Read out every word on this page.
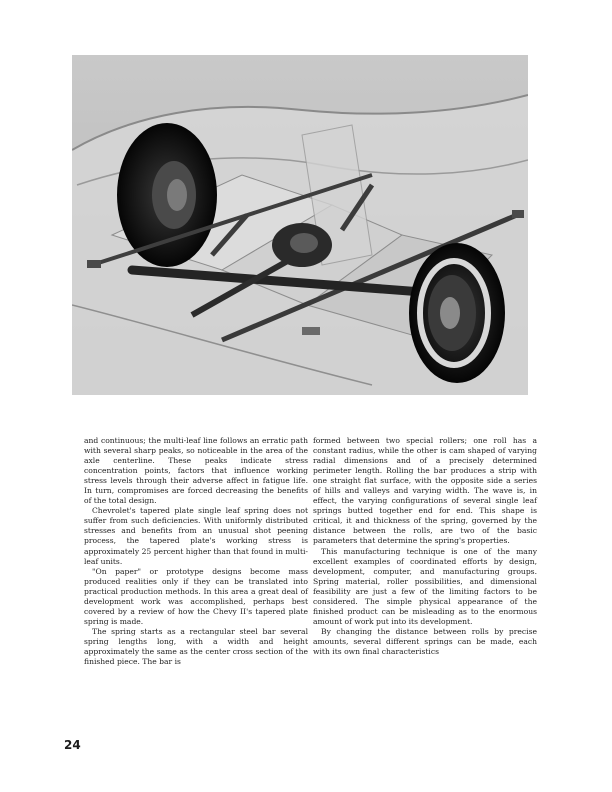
and continuous; the multi-leaf line follows an erratic path with several sharp peaks, so noticeable in the area of the axle centerline. These peaks indicate stress concentration points, factors that influence working stress levels through their adverse affect in fatigue life. In turn, compromises are forced decreasing the benefits of the total design.

Chevrolet's tapered plate single leaf spring does not suffer from such deficiencies. With uniformly distributed stresses and benefits from an unusual shot peening process, the tapered plate's working stress is approximately 25 percent higher than that found in multi-leaf units.

"On paper" or prototype designs become mass produced realities only if they can be translated into practical production methods. In this area a great deal of development work was accomplished, perhaps best covered by a review of how the Chevy II's tapered plate spring is made.

The spring starts as a rectangular steel bar several spring lengths long, with a width and height approximately the same as the center cross section of the finished piece. The bar is

formed between two special rollers; one roll has a constant radius, while the other is cam shaped of varying radial dimensions and of a precisely determined perimeter length. Rolling the bar produces a strip with one straight flat surface, with the opposite side a series of hills and valleys and varying width. The wave is, in effect, the varying configurations of several single leaf springs butted together end for end. This shape is critical, it and thickness of the spring, governed by the distance between the rolls, are two of the basic parameters that determine the spring's properties.

This manufacturing technique is one of the many excellent examples of coordinated efforts by design, development, computer, and manufacturing groups. Spring material, roller possibilities, and dimensional feasibility are just a few of the limiting factors to be considered. The simple physical appearance of the finished product can be misleading as to the enormous amount of work put into its development.

By changing the distance between rolls by precise amounts, several different springs can be made, each with its own final characteristics

24
